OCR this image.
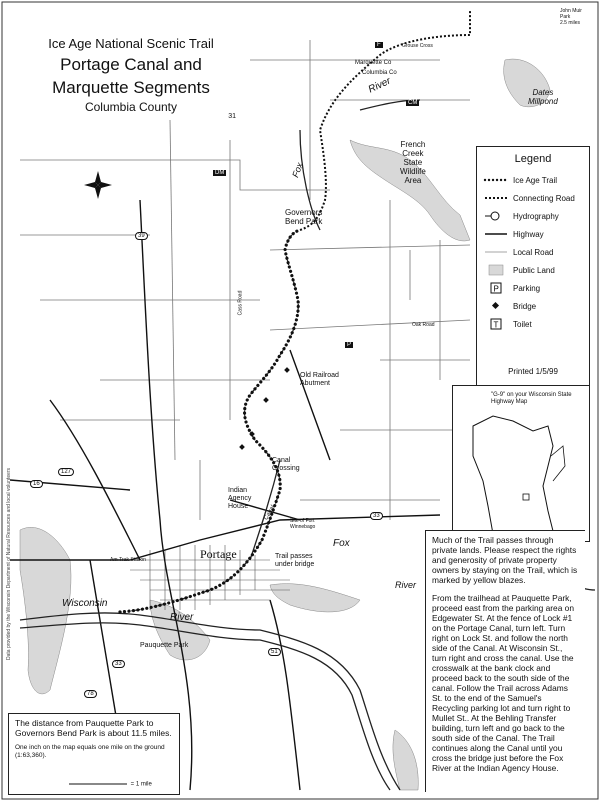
Data provided by the Wisconsin Department of Natural Resources and local volunteers
River
Fox
Marquette Co
Columbia Co
Grouse Cross
John Muir
Park
2.5 miles
Dates
Millpond
French
Creek
State
Wildlife
Area
Governors
Bend Park
Old Railroad
Abutment
Canal
Crossing
Indian
Agency
House
Site of Fort Winnebago
Fox
River
Portage	Trail passes
under bridge
Am-Trak Station
Wisconsin
River
Pauquette Park
Oak Road
Cass Road
Canal
F
CM
DM
P
39
127
16
33
33
51
78
Ice Age National Scenic Trail
Portage Canal and
Marquette Segments
Columbia County
31
Legend
Ice Age Trail
Connecting Road
Hydrography
Highway
Local Road
Public Land
P Parking
Bridge
T Toilet
Printed 1/5/99
"G-9" on your Wisconsin State Highway Map

Much of the Trail passes through private lands. Please respect the rights and generosity of private property owners by staying on the Trail, which is marked by yellow blazes.

From the trailhead at Pauquette Park, proceed east from the parking area on Edgewater St. At the fence of Lock #1 on the Portage Canal, turn left. Turn right on Lock St. and follow the north side of the Canal. At Wisconsin St., turn right and cross the canal. Use the crosswalk at the bank clock and proceed back to the south side of the canal. Follow the Trail across Adams St. to the end of the Samuel's Recycling parking lot and turn right to Mullet St.. At the Behling Transfer building, turn left and go back to the south side of the Canal. The Trail continues along the Canal until you cross the bridge just before the Fox River at the Indian Agency House.

The distance from Pauquette Park to Governors Bend Park is about 11.5 miles.

One inch on the map equals one mile on the ground (1:63,360).

= 1 mile
